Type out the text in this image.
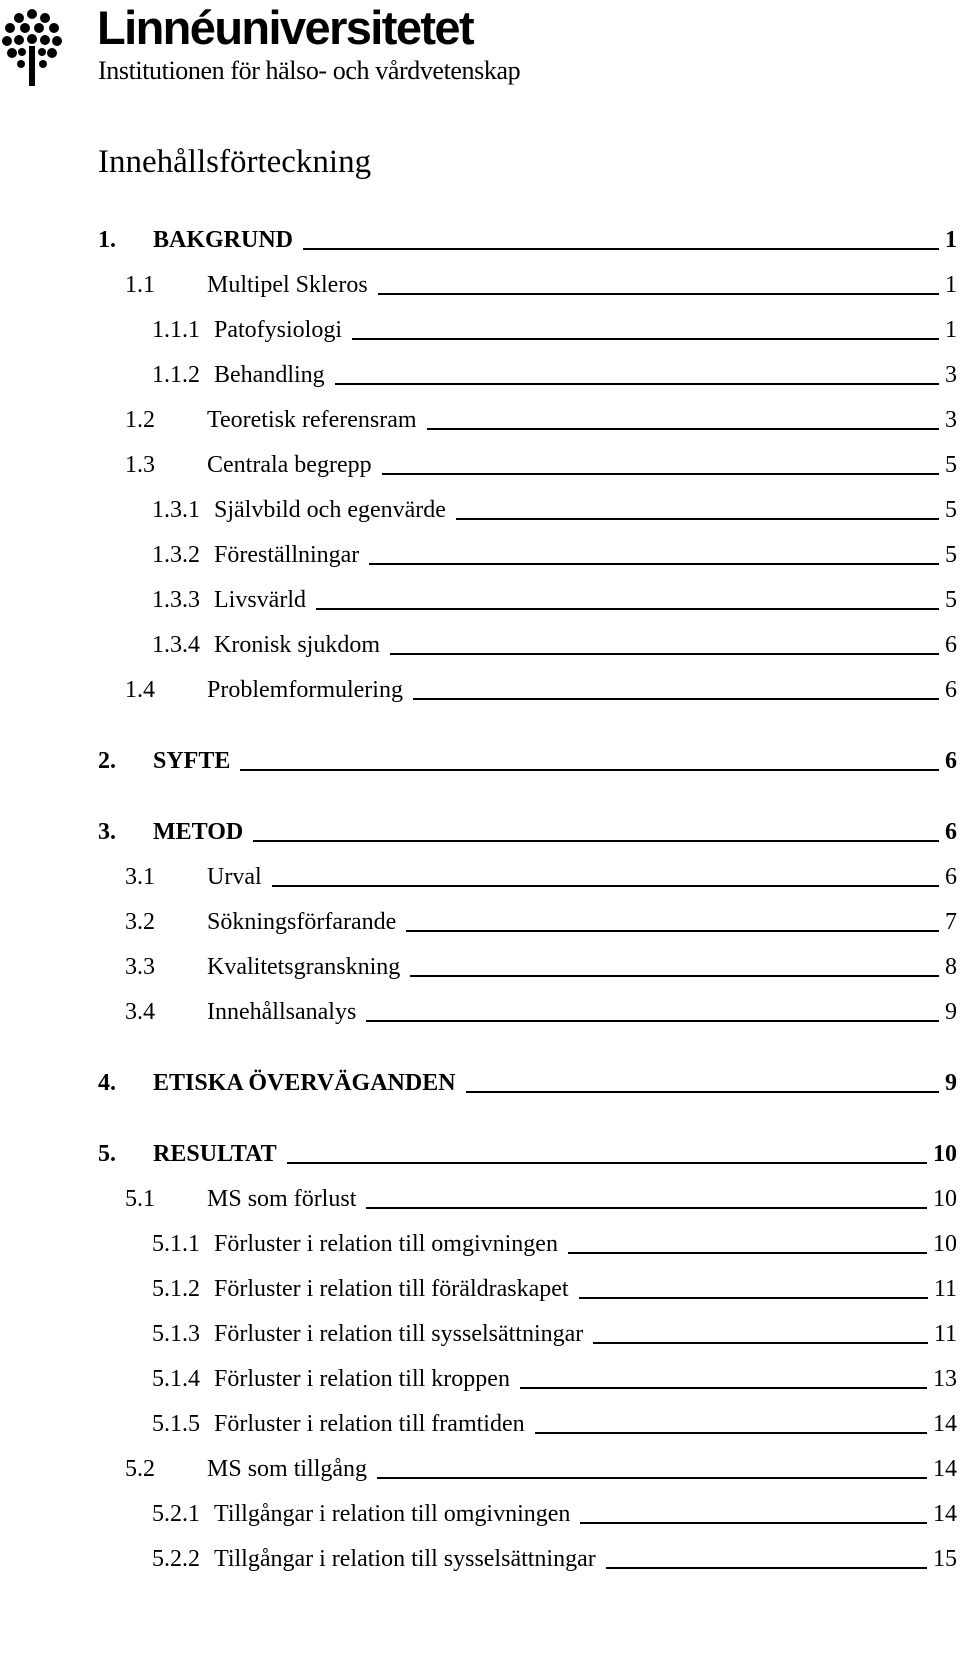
Linnéuniversitetet
Institutionen för hälso- och vårdvetenskap
Innehållsförteckning
1. BAKGRUND	1
1.1 Multipel Skleros	1
1.1.1 Patofysiologi	1
1.1.2 Behandling	3
1.2 Teoretisk referensram	3
1.3 Centrala begrepp	5
1.3.1 Självbild och egenvärde	5
1.3.2 Föreställningar	5
1.3.3 Livsvärld	5
1.3.4 Kronisk sjukdom	6
1.4 Problemformulering	6
2. SYFTE	6
3. METOD	6
3.1 Urval	6
3.2 Sökningsförfarande	7
3.3 Kvalitetsgranskning	8
3.4 Innehållsanalys	9
4. ETISKA ÖVERVÄGANDEN	9
5. RESULTAT	10
5.1 MS som förlust	10
5.1.1 Förluster i relation till omgivningen	10
5.1.2 Förluster i relation till föräldraskapet	11
5.1.3 Förluster i relation till sysselsättningar	11
5.1.4 Förluster i relation till kroppen	13
5.1.5 Förluster i relation till framtiden	14
5.2 MS som tillgång	14
5.2.1 Tillgångar i relation till omgivningen	14
5.2.2 Tillgångar i relation till sysselsättningar	15
